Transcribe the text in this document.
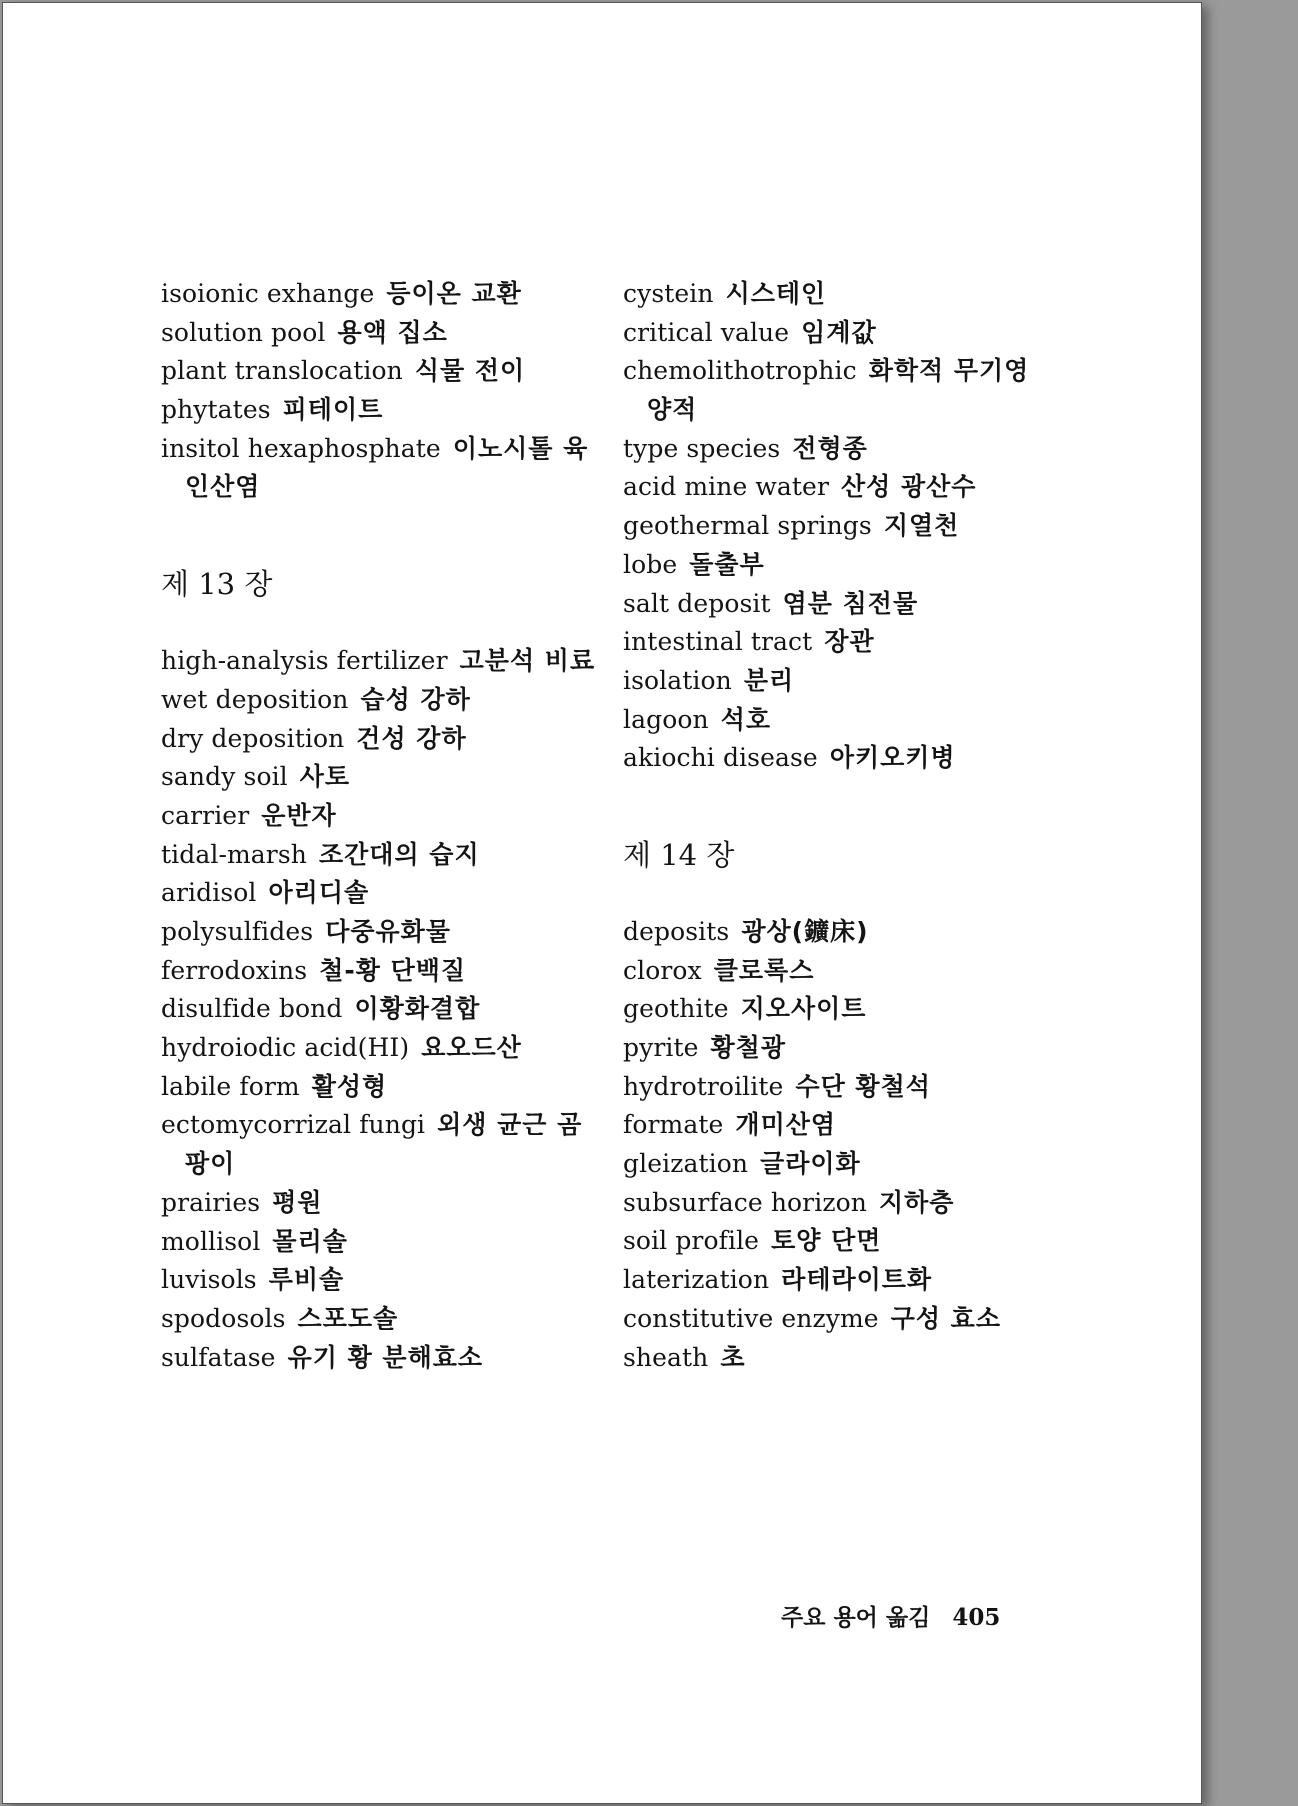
isoionic exhange 등이온 교환
solution pool 용액 집소
plant translocation 식물 전이
phytates 피테이트
insitol hexaphosphate 이노시톨 육인산염
제 13 장
high-analysis fertilizer 고분석 비료
wet deposition 습성 강하
dry deposition 건성 강하
sandy soil 사토
carrier 운반자
tidal-marsh 조간대의 습지
aridisol 아리디솔
polysulfides 다중유화물
ferrodoxins 철-황 단백질
disulfide bond 이황화결합
hydroiodic acid(HI) 요오드산
labile form 활성형
ectomycorrizal fungi 외생 균근 곰팡이
prairies 평원
mollisol 몰리솔
luvisols 루비솔
spodosols 스포도솔
sulfatase 유기 황 분해효소
cystein 시스테인
critical value 임계값
chemolithotrophic 화학적 무기영양적
type species 전형종
acid mine water 산성 광산수
geothermal springs 지열천
lobe 돌출부
salt deposit 염분 침전물
intestinal tract 장관
isolation 분리
lagoon 석호
akiochi disease 아키오키병
제 14 장
deposits 광상(鑛床)
clorox 클로록스
geothite 지오사이트
pyrite 황철광
hydrotroilite 수단 황철석
formate 개미산염
gleization 글라이화
subsurface horizon 지하층
soil profile 토양 단면
laterization 라테라이트화
constitutive enzyme 구성 효소
sheath 초
주요 용어 옮김 405
